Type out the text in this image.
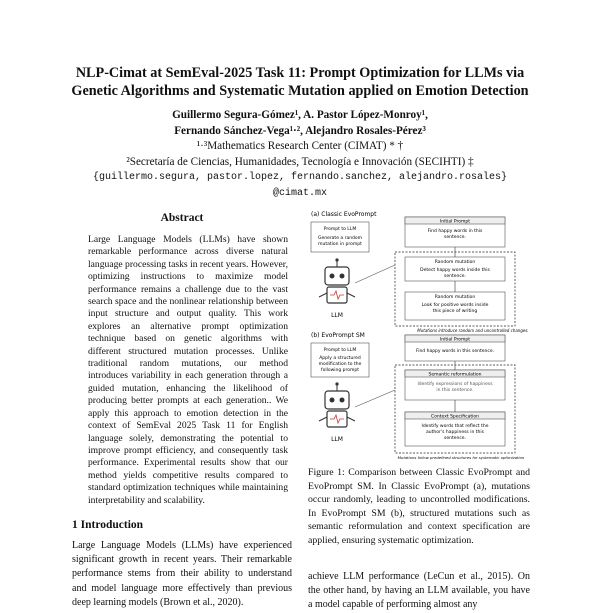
NLP-Cimat at SemEval-2025 Task 11: Prompt Optimization for LLMs via
Genetic Algorithms and Systematic Mutation applied on Emotion Detection
Guillermo Segura-Gómez¹, A. Pastor López-Monroy¹,
Fernando Sánchez-Vega¹·², Alejandro Rosales-Pérez³
¹·³Mathematics Research Center (CIMAT) * †
²Secretaría de Ciencias, Humanidades, Tecnología e Innovación (SECIHTI) ‡
{guillermo.segura, pastor.lopez, fernando.sanchez, alejandro.rosales}
@cimat.mx
Abstract
Large Language Models (LLMs) have shown remarkable performance across diverse natural language processing tasks in recent years. However, optimizing instructions to maximize model performance remains a challenge due to the vast search space and the nonlinear relationship between input structure and output quality. This work explores an alternative prompt optimization technique based on genetic algorithms with different structured mutation processes. Unlike traditional random mutations, our method introduces variability in each generation through a guided mutation, enhancing the likelihood of producing better prompts at each generation.. We apply this approach to emotion detection in the context of SemEval 2025 Task 11 for English language solely, demonstrating the potential to improve prompt efficiency, and consequently task performance. Experimental results show that our method yields competitive results compared to standard optimization techniques while maintaining interpretability and scalability.
1 Introduction
Large Language Models (LLMs) have experienced significant growth in recent years. Their remarkable performance stems from their ability to understand and model language more effectively than previous deep learning models (Brown et al., 2020).
(a) Classic EvoPrompt
Prompt to LLM
Generate a random mutation in prompt
LLM
Initial Prompt
Find happy words in this sentence.
Random mutation
Detect happy words inside this sentence.
Random mutation
Look for positive words inside this piece of writing
Mutations introduce random and uncontrolled changes.
(b) EvoPrompt SM
Prompt to LLM
Apply a structured modification to the following prompt
LLM
Initial Prompt
Find happy words in this sentence.
Semantic reformulation
Identify expressions of happiness in this sentence.
Context Specification
Identify words that reflect the author's happiness in this sentence.
Mutations follow predefined structures for systematic optimization
Figure 1: Comparison between Classic EvoPrompt and EvoPrompt SM. In Classic EvoPrompt (a), mutations occur randomly, leading to uncontrolled modifications. In EvoPrompt SM (b), structured mutations such as semantic reformulation and context specification are applied, ensuring systematic optimization.
achieve LLM performance (LeCun et al., 2015). On the other hand, by having an LLM available, you have a model capable of performing almost any
